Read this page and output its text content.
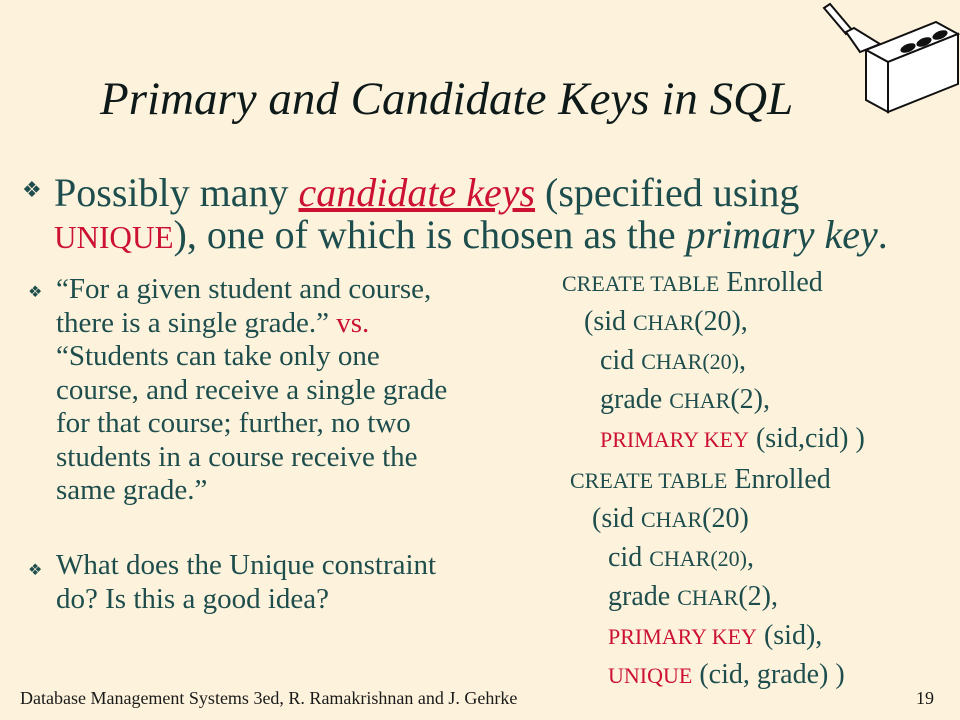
Primary and Candidate Keys in SQL
❖ Possibly many candidate keys (specified using
UNIQUE), one of which is chosen as the primary key.
❖ “For a given student and course,
there is a single grade.” vs.
“Students can take only one
course, and receive a single grade
for that course; further, no two
students in a course receive the
same grade.”
❖ What does the Unique constraint
do? Is this a good idea?
CREATE TABLE Enrolled
(sid CHAR(20),
cid CHAR(20),
grade CHAR(2),
PRIMARY KEY (sid,cid) )
CREATE TABLE Enrolled
(sid CHAR(20)
cid CHAR(20),
grade CHAR(2),
PRIMARY KEY (sid),
UNIQUE (cid, grade) )
Database Management Systems 3ed, R. Ramakrishnan and J. Gehrke	19
